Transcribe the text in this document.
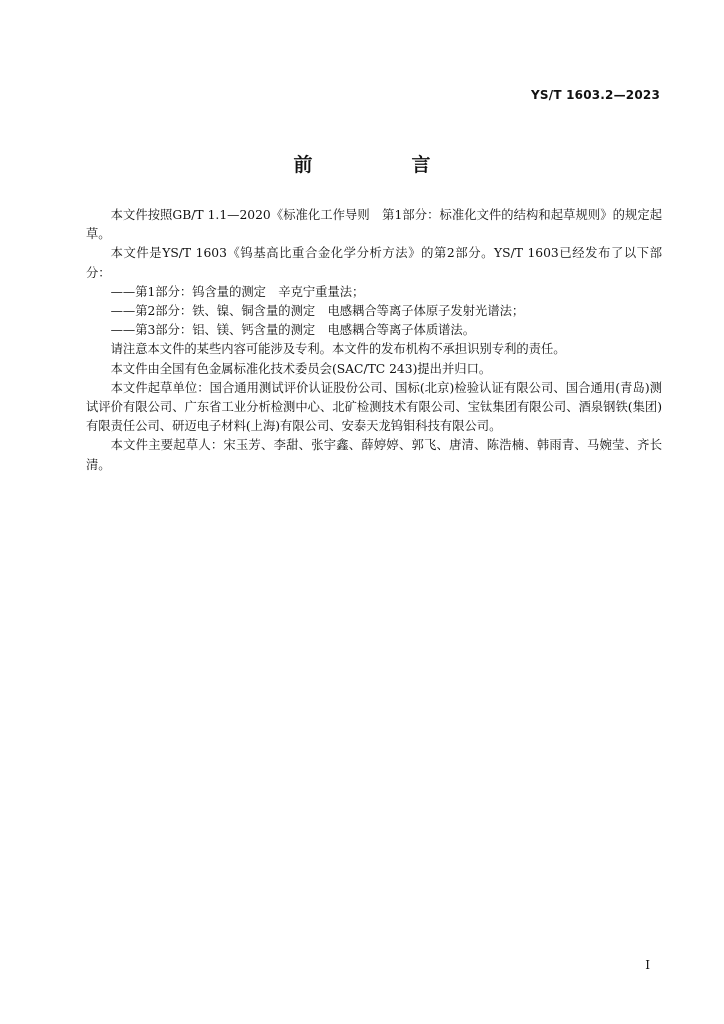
YS/T 1603.2—2023
前　言

本文件按照GB/T 1.1—2020《标准化工作导则　第1部分：标准化文件的结构和起草规则》的规定起草。

本文件是YS/T 1603《钨基高比重合金化学分析方法》的第2部分。YS/T 1603已经发布了以下部分：

——第1部分：钨含量的测定　辛克宁重量法；

——第2部分：铁、镍、铜含量的测定　电感耦合等离子体原子发射光谱法；

——第3部分：铝、镁、钙含量的测定　电感耦合等离子体质谱法。

请注意本文件的某些内容可能涉及专利。本文件的发布机构不承担识别专利的责任。

本文件由全国有色金属标准化技术委员会(SAC/TC 243)提出并归口。

本文件起草单位：国合通用测试评价认证股份公司、国标(北京)检验认证有限公司、国合通用(青岛)测试评价有限公司、广东省工业分析检测中心、北矿检测技术有限公司、宝钛集团有限公司、酒泉钢铁(集团)有限责任公司、研迈电子材料(上海)有限公司、安泰天龙钨钼科技有限公司。

本文件主要起草人：宋玉芳、李甜、张宇鑫、薛婷婷、郭飞、唐清、陈浩楠、韩雨青、马婉莹、齐长清。

I
